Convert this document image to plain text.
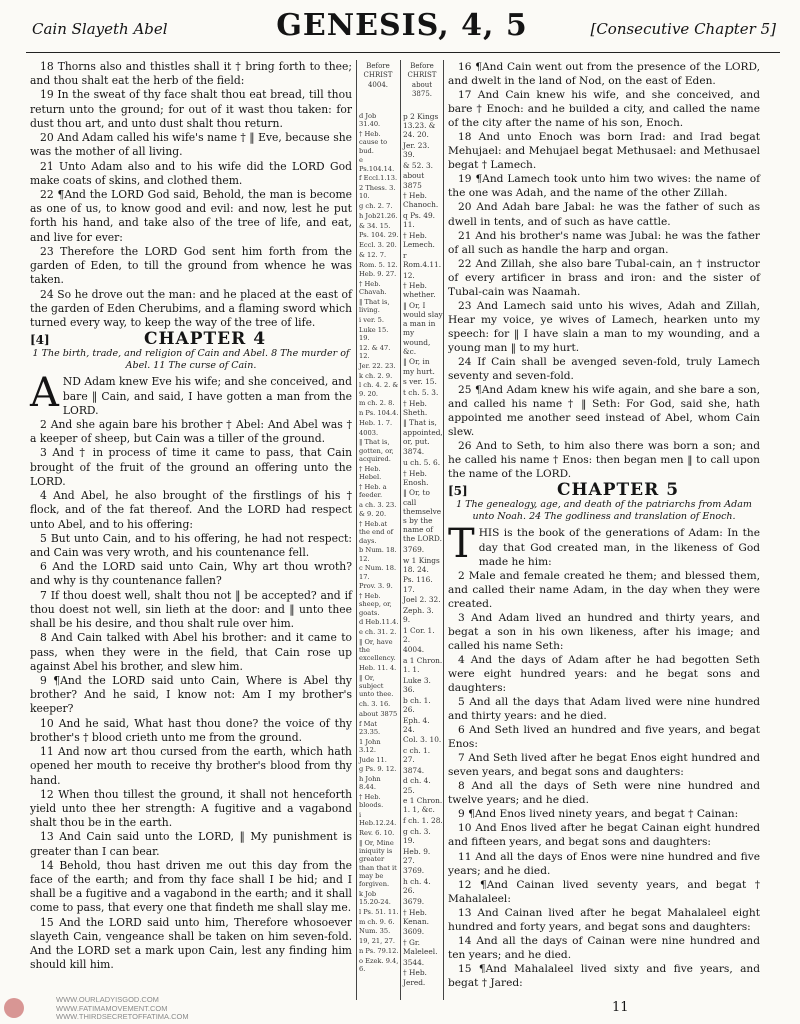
Cain Slayeth Abel	GENESIS, 4, 5	[Consecutive Chapter 5]

18 Thorns also and thistles shall it † bring forth to thee; and thou shalt eat the herb of the field:

19 In the sweat of thy face shalt thou eat bread, till thou return unto the ground; for out of it wast thou taken: for dust thou art, and unto dust shalt thou return.

20 And Adam called his wife's name † ‖ Eve, because she was the mother of all living.

21 Unto Adam also and to his wife did the LORD God make coats of skins, and clothed them.

22 ¶And the LORD God said, Behold, the man is become as one of us, to know good and evil: and now, lest he put forth his hand, and take also of the tree of life, and eat, and live for ever:

23 Therefore the LORD God sent him forth from the garden of Eden, to till the ground from whence he was taken.

24 So he drove out the man: and he placed at the east of the garden of Eden Cherubims, and a flaming sword which turned every way, to keep the way of the tree of life.

[4]	CHAPTER 4
1 The birth, trade, and religion of Cain and Abel. 8 The murder of Abel. 11 The curse of Cain.

AND Adam knew Eve his wife; and she conceived, and bare ‖ Cain, and said, I have gotten a man from the LORD.

2 And she again bare his brother † Abel: And Abel was † a keeper of sheep, but Cain was a tiller of the ground.

3 And † in process of time it came to pass, that Cain brought of the fruit of the ground an offering unto the LORD.

4 And Abel, he also brought of the firstlings of his † flock, and of the fat thereof. And the LORD had respect unto Abel, and to his offering:

5 But unto Cain, and to his offering, he had not respect: and Cain was very wroth, and his countenance fell.

6 And the LORD said unto Cain, Why art thou wroth? and why is thy countenance fallen?

7 If thou doest well, shalt thou not ‖ be accepted? and if thou doest not well, sin lieth at the door: and ‖ unto thee shall be his desire, and thou shalt rule over him.

8 And Cain talked with Abel his brother: and it came to pass, when they were in the field, that Cain rose up against Abel his brother, and slew him.

9 ¶And the LORD said unto Cain, Where is Abel thy brother? And he said, I know not: Am I my brother's keeper?

10 And he said, What hast thou done? the voice of thy brother's † blood crieth unto me from the ground.

11 And now art thou cursed from the earth, which hath opened her mouth to receive thy brother's blood from thy hand.

12 When thou tillest the ground, it shall not henceforth yield unto thee her strength: A fugitive and a vagabond shalt thou be in the earth.

13 And Cain said unto the LORD, ‖ My punishment is greater than I can bear.

14 Behold, thou hast driven me out this day from the face of the earth; and from thy face shall I be hid; and I shall be a fugitive and a vagabond in the earth; and it shall come to pass, that every one that findeth me shall slay me.

15 And the LORD said unto him, Therefore whosoever slayeth Cain, vengeance shall be taken on him seven-fold. And the LORD set a mark upon Cain, lest any finding him should kill him.

Before CHRIST 4004.
Before CHRIST about 3875.
d Job 31.40.
† Heb. cause to bud.
e Ps.104.14.
f Eccl.1.13.
2 Thess. 3. 10.
g ch. 2. 7.
h Job21.26.
& 34. 15.
Ps. 104. 29.
Eccl. 3. 20.
& 12. 7.
Rom. 5. 12.
Heb. 9. 27.
† Heb. Chavah.
‖ That is, living.
i ver. 5.
Luke 15. 19.
12. & 47. 12.
Jer. 22. 23.
k ch. 2. 9.
l ch. 4. 2. & 9. 20.
m ch. 2. 8.
n Ps. 104.4.
Heb. 1. 7.
4003.
‖ That is, gotten, or, acquired.
† Heb. Hebel.
† Heb. a feeder.
a ch. 3. 23.
& 9. 20.
† Heb.at the end of days.
b Num. 18. 12.
c Num. 18. 17.
Prov. 3. 9.
† Heb. sheep, or, goats.
d Heb.11.4.
e ch. 31. 2.
‖ Or, have the excellency.
Heb. 11. 4.
‖ Or, subject unto thee.
ch. 3. 16.
about 3875
f Mat 23.35.
1 John 3.12.
Jude 11.
g Ps. 9. 12.
h John 8.44.
† Heb. bloods.
i Heb.12.24.
Rev. 6. 10.
‖ Or, Mine iniquity is greater than that it may be forgiven.
k Job 15.20-24.
l Ps. 51. 11.
m ch. 9. 6.
Num. 35.
19, 21, 27.
n Ps. 79.12.
o Ezek. 9.4, 6.
p 2 Kings 13.23. & 24. 20.
Jer. 23. 39.
& 52. 3.
about 3875
† Heb. Chanoch.
q Ps. 49. 11.
† Heb. Lemech.
r Rom.4.11.
12.
† Heb. whether.
‖ Or, I would slay a man in my wound, &c.
‖ Or, in my hurt.
s ver. 15.
t ch. 5. 3.
† Heb. Sheth.
‖ That is, appointed, or, put.
3874.
u ch. 5. 6.
† Heb. Enosh.
‖ Or, to call themselves by the name of the LORD.
3769.
w 1 Kings 18. 24.
Ps. 116. 17.
Joel 2. 32.
Zeph. 3. 9.
1 Cor. 1. 2.
4004.
a 1 Chron. 1. 1.
Luke 3. 36.
b ch. 1. 26.
Eph. 4. 24.
Col. 3. 10.
c ch. 1. 27.
3874.
d ch. 4. 25.
e 1 Chron. 1. 1, &c.
f ch. 1. 28.
g ch. 3. 19.
Heb. 9. 27.
3769.
h ch. 4. 26.
3679.
† Heb. Kenan.
3609.
† Gr. Maleleel.
3544.
† Heb. Jered.

16 ¶And Cain went out from the presence of the LORD, and dwelt in the land of Nod, on the east of Eden.

17 And Cain knew his wife, and she conceived, and bare † Enoch: and he builded a city, and called the name of the city after the name of his son, Enoch.

18 And unto Enoch was born Irad: and Irad begat Mehujael: and Mehujael begat Methusael: and Methusael begat † Lamech.

19 ¶And Lamech took unto him two wives: the name of the one was Adah, and the name of the other Zillah.

20 And Adah bare Jabal: he was the father of such as dwell in tents, and of such as have cattle.

21 And his brother's name was Jubal: he was the father of all such as handle the harp and organ.

22 And Zillah, she also bare Tubal-cain, an † instructor of every artificer in brass and iron: and the sister of Tubal-cain was Naamah.

23 And Lamech said unto his wives, Adah and Zillah, Hear my voice, ye wives of Lamech, hearken unto my speech: for ‖ I have slain a man to my wounding, and a young man ‖ to my hurt.

24 If Cain shall be avenged seven-fold, truly Lamech seventy and seven-fold.

25 ¶And Adam knew his wife again, and she bare a son, and called his name † ‖ Seth: For God, said she, hath appointed me another seed instead of Abel, whom Cain slew.

26 And to Seth, to him also there was born a son; and he called his name † Enos: then began men ‖ to call upon the name of the LORD.

[5]	CHAPTER 5
1 The genealogy, age, and death of the patriarchs from Adam unto Noah. 24 The godliness and translation of Enoch.

THIS is the book of the generations of Adam: In the day that God created man, in the likeness of God made he him:

2 Male and female created he them; and blessed them, and called their name Adam, in the day when they were created.

3 And Adam lived an hundred and thirty years, and begat a son in his own likeness, after his image; and called his name Seth:

4 And the days of Adam after he had begotten Seth were eight hundred years: and he begat sons and daughters:

5 And all the days that Adam lived were nine hundred and thirty years: and he died.

6 And Seth lived an hundred and five years, and begat Enos:

7 And Seth lived after he begat Enos eight hundred and seven years, and begat sons and daughters:

8 And all the days of Seth were nine hundred and twelve years; and he died.

9 ¶And Enos lived ninety years, and begat † Cainan:

10 And Enos lived after he begat Cainan eight hundred and fifteen years, and begat sons and daughters:

11 And all the days of Enos were nine hundred and five years; and he died.

12 ¶And Cainan lived seventy years, and begat † Mahalaleel:

13 And Cainan lived after he begat Mahalaleel eight hundred and forty years, and begat sons and daughters:

14 And all the days of Cainan were nine hundred and ten years; and he died.

15 ¶And Mahalaleel lived sixty and five years, and begat † Jared:

WWW.OURLADYISGOD.COM
WWW.FATIMAMOVEMENT.COM
WWW.THIRDSECRETOFFATIMA.COM
11
